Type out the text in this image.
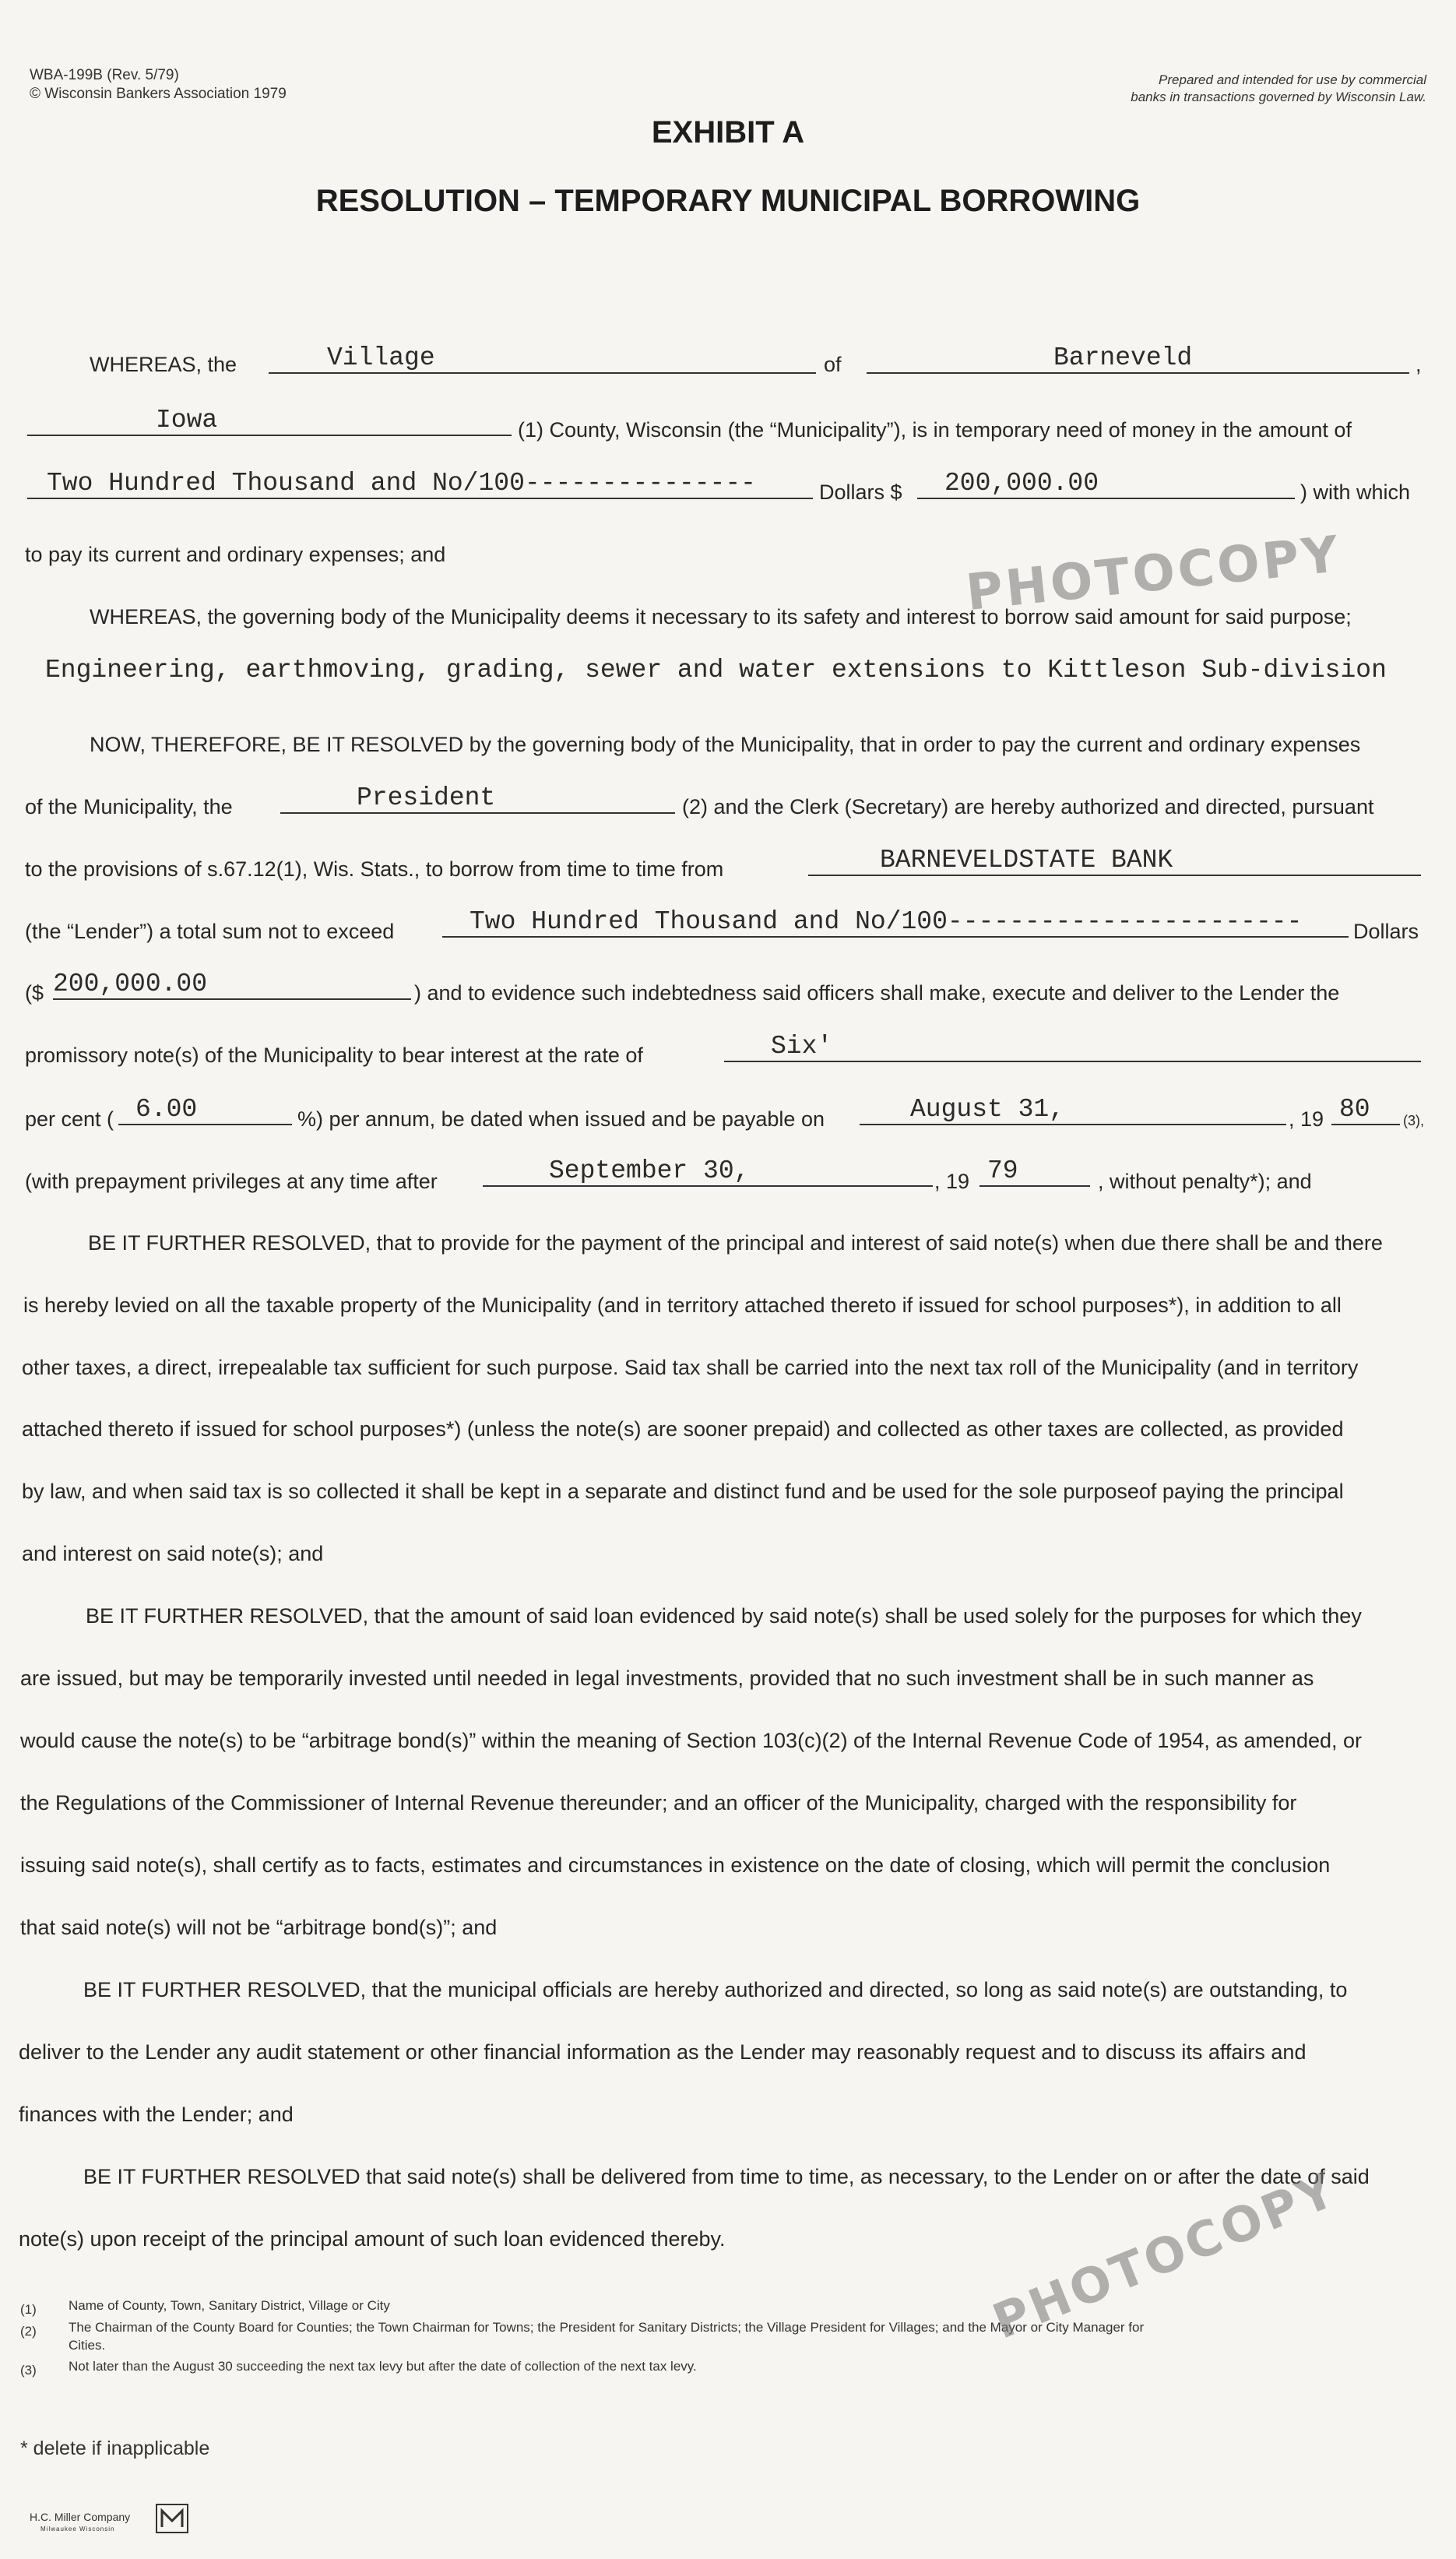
WBA-199B (Rev. 5/79)
© Wisconsin Bankers Association 1979
Prepared and intended for use by commercial
banks in transactions governed by Wisconsin Law.
EXHIBIT A
RESOLUTION – TEMPORARY MUNICIPAL BORROWING
WHEREAS, the	Village	of	Barneveld	,
Iowa	(1) County, Wisconsin (the “Municipality”), is in temporary need of money in the amount of
Two Hundred Thousand and No/100---------------	Dollars $	200,000.00	) with which
to pay its current and ordinary expenses; and
WHEREAS, the governing body of the Municipality deems it necessary to its safety and interest to borrow said amount for said purpose;
Engineering, earthmoving, grading, sewer and water extensions to Kittleson Sub-division
NOW, THEREFORE, BE IT RESOLVED by the governing body of the Municipality, that in order to pay the current and ordinary expenses
of the Municipality, the	President	(2) and the Clerk (Secretary) are hereby authorized and directed, pursuant
to the provisions of s.67.12(1), Wis. Stats., to borrow from time to time from	BARNEVELDSTATE BANK
(the “Lender”) a total sum not to exceed	Two Hundred Thousand and No/100-----------------------	Dollars
($ 200,000.00	) and to evidence such indebtedness said officers shall make, execute and deliver to the Lender the
promissory note(s) of the Municipality to bear interest at the rate of	Six'
per cent ( 6.00	%) per annum, be dated when issued and be payable on	August 31,	, 19 80	(3),
(with prepayment privileges at any time after	September 30,	, 19 79	, without penalty*); and
BE IT FURTHER RESOLVED, that to provide for the payment of the principal and interest of said note(s) when due there shall be and there
is hereby levied on all the taxable property of the Municipality (and in territory attached thereto if issued for school purposes*), in addition to all
other taxes, a direct, irrepealable tax sufficient for such purpose. Said tax shall be carried into the next tax roll of the Municipality (and in territory
attached thereto if issued for school purposes*) (unless the note(s) are sooner prepaid) and collected as other taxes are collected, as provided
by law, and when said tax is so collected it shall be kept in a separate and distinct fund and be used for the sole purposeof paying the principal
and interest on said note(s); and
BE IT FURTHER RESOLVED, that the amount of said loan evidenced by said note(s) shall be used solely for the purposes for which they
are issued, but may be temporarily invested until needed in legal investments, provided that no such investment shall be in such manner as
would cause the note(s) to be “arbitrage bond(s)” within the meaning of Section 103(c)(2) of the Internal Revenue Code of 1954, as amended, or
the Regulations of the Commissioner of Internal Revenue thereunder; and an officer of the Municipality, charged with the responsibility for
issuing said note(s), shall certify as to facts, estimates and circumstances in existence on the date of closing, which will permit the conclusion
that said note(s) will not be “arbitrage bond(s)”; and
BE IT FURTHER RESOLVED, that the municipal officials are hereby authorized and directed, so long as said note(s) are outstanding, to
deliver to the Lender any audit statement or other financial information as the Lender may reasonably request and to discuss its affairs and
finances with the Lender; and
BE IT FURTHER RESOLVED that said note(s) shall be delivered from time to time, as necessary, to the Lender on or after the date of said
note(s) upon receipt of the principal amount of such loan evidenced thereby.
(1) Name of County, Town, Sanitary District, Village or City
(2) The Chairman of the County Board for Counties; the Town Chairman for Towns; the President for Sanitary Districts; the Village President for Villages; and the Mayor or City Manager for
Cities.
(3) Not later than the August 30 succeeding the next tax levy but after the date of collection of the next tax levy.
* delete if inapplicable
H.C. Miller Company
Milwaukee Wisconsin
PHOTOCOPY
PHOTOCOPY
